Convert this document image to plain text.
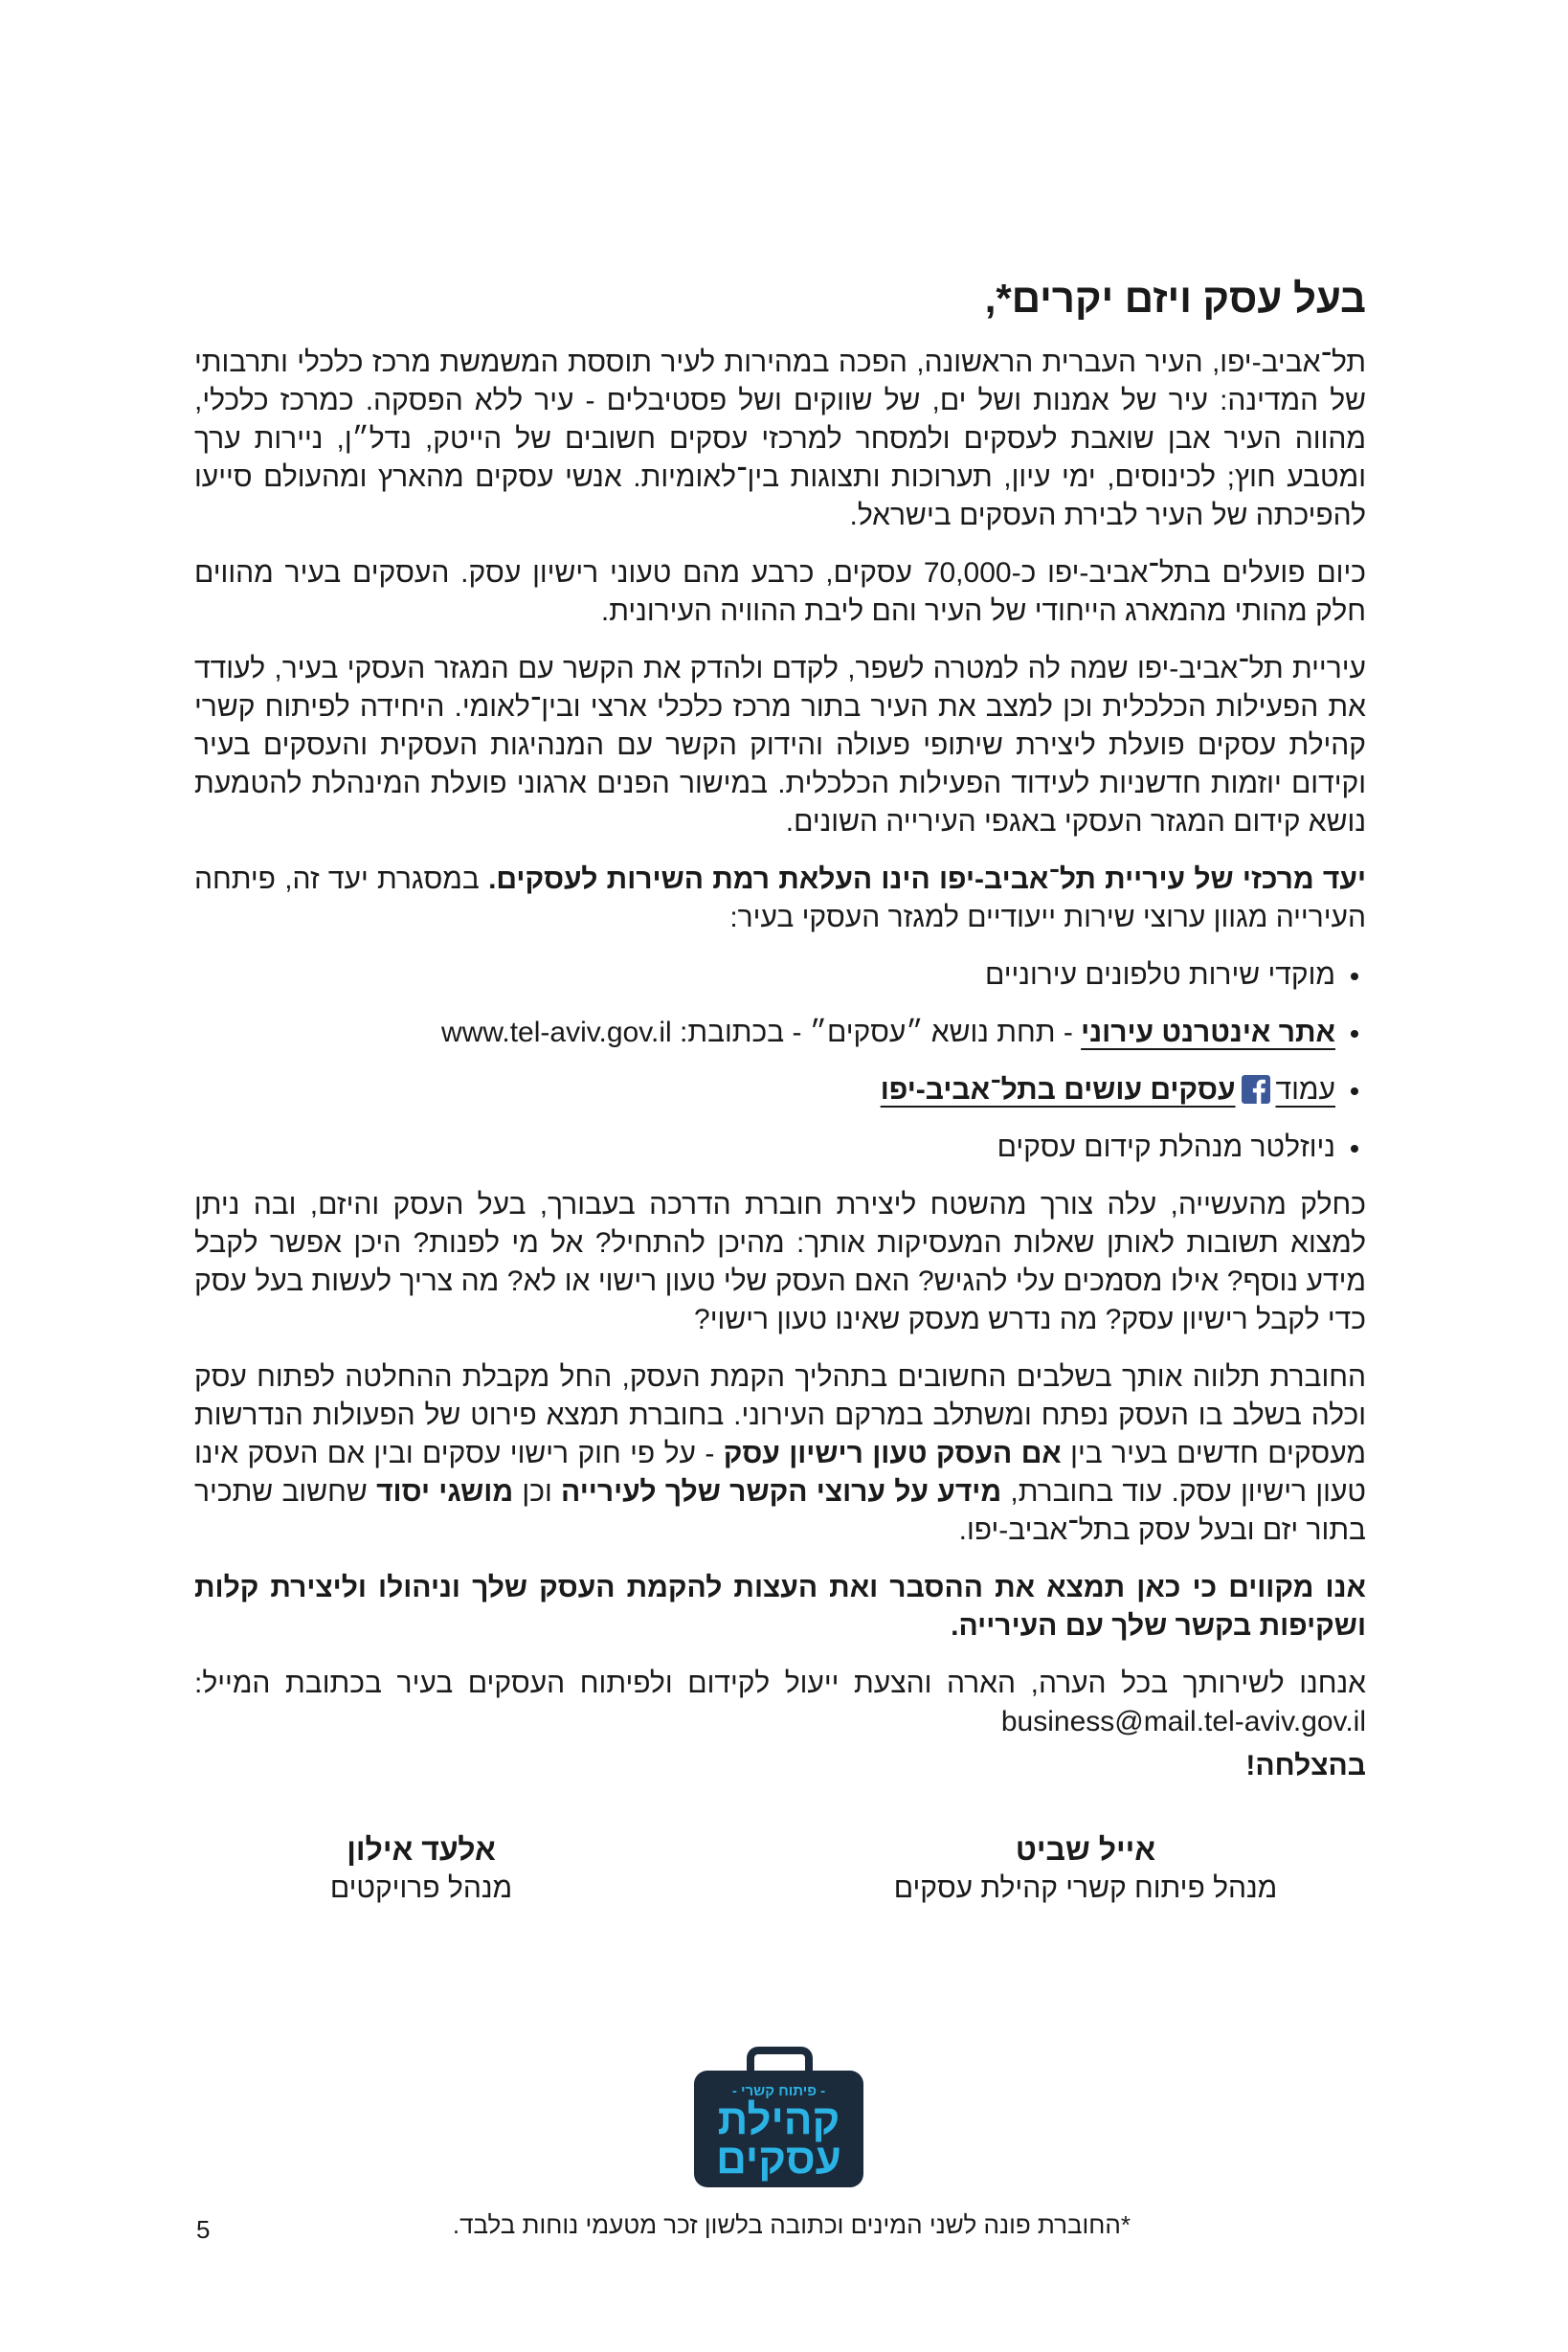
בעל עסק ויזם יקרים*,

תל־אביב-יפו, העיר העברית הראשונה, הפכה במהירות לעיר תוססת המשמשת מרכז כלכלי ותרבותי של המדינה: עיר של אמנות ושל ים, של שווקים ושל פסטיבלים - עיר ללא הפסקה. כמרכז כלכלי, מהווה העיר אבן שואבת לעסקים ולמסחר למרכזי עסקים חשובים של הייטק, נדל״ן, ניירות ערך ומטבע חוץ; לכינוסים, ימי עיון, תערוכות ותצוגות בין־לאומיות. אנשי עסקים מהארץ ומהעולם סייעו להפיכתה של העיר לבירת העסקים בישראל.

כיום פועלים בתל־אביב-יפו כ-70,000 עסקים, כרבע מהם טעוני רישיון עסק. העסקים בעיר מהווים חלק מהותי מהמארג הייחודי של העיר והם ליבת ההוויה העירונית.

עיריית תל־אביב-יפו שמה לה למטרה לשפר, לקדם ולהדק את הקשר עם המגזר העסקי בעיר, לעודד את הפעילות הכלכלית וכן למצב את העיר בתור מרכז כלכלי ארצי ובין־לאומי. היחידה לפיתוח קשרי קהילת עסקים פועלת ליצירת שיתופי פעולה והידוק הקשר עם המנהיגות העסקית והעסקים בעיר וקידום יוזמות חדשניות לעידוד הפעילות הכלכלית. במישור הפנים ארגוני פועלת המינהלת להטמעת נושא קידום המגזר העסקי באגפי העירייה השונים.

יעד מרכזי של עיריית תל־אביב-יפו הינו העלאת רמת השירות לעסקים. במסגרת יעד זה, פיתחה העירייה מגוון ערוצי שירות ייעודיים למגזר העסקי בעיר:

מוקדי שירות טלפונים עירוניים
אתר אינטרנט עירוני - תחת נושא ״עסקים״ - בכתובת: www.tel-aviv.gov.il
עמוד
עסקים עושים בתל־אביב-יפו
ניוזלטר מנהלת קידום עסקים

כחלק מהעשייה, עלה צורך מהשטח ליצירת חוברת הדרכה בעבורך, בעל העסק והיזם, ובה ניתן למצוא תשובות לאותן שאלות המעסיקות אותך: מהיכן להתחיל? אל מי לפנות? היכן אפשר לקבל מידע נוסף? אילו מסמכים עלי להגיש? האם העסק שלי טעון רישוי או לא? מה צריך לעשות בעל עסק כדי לקבל רישיון עסק? מה נדרש מעסק שאינו טעון רישוי?

החוברת תלווה אותך בשלבים החשובים בתהליך הקמת העסק, החל מקבלת ההחלטה לפתוח עסק וכלה בשלב בו העסק נפתח ומשתלב במרקם העירוני. בחוברת תמצא פירוט של הפעולות הנדרשות מעסקים חדשים בעיר בין אם העסק טעון רישיון עסק - על פי חוק רישוי עסקים ובין אם העסק אינו טעון רישיון עסק. עוד בחוברת, מידע על ערוצי הקשר שלך לעירייה וכן מושגי יסוד שחשוב שתכיר בתור יזם ובעל עסק בתל־אביב-יפו.

אנו מקווים כי כאן תמצא את ההסבר ואת העצות להקמת העסק שלך וניהולו וליצירת קלות ושקיפות בקשר שלך עם העירייה.

אנחנו לשירותך בכל הערה, הארה והצעת ייעול לקידום ולפיתוח העסקים בעיר בכתובת המייל: business@mail.tel-aviv.gov.il

בהצלחה!

אייל שביט
מנהל פיתוח קשרי קהילת עסקים
אלעד אילון
מנהל פרויקטים
- פיתוח קשרי -
קהילת
עסקים
*החוברת פונה לשני המינים וכתובה בלשון זכר מטעמי נוחות בלבד.
5
